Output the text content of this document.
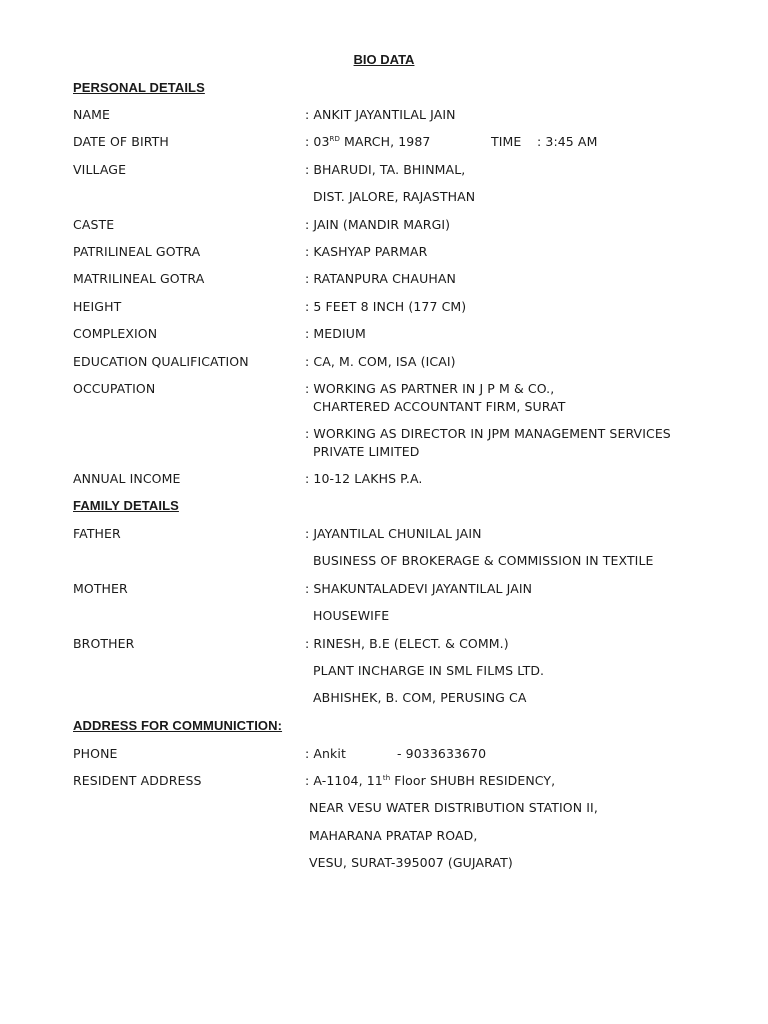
BIO DATA
PERSONAL DETAILS
NAME	: ANKIT JAYANTILAL JAIN
DATE OF BIRTH	: 03RD MARCH, 1987	TIME : 3:45 AM
VILLAGE	: BHARUDI, TA. BHINMAL,
DIST. JALORE, RAJASTHAN
CASTE	: JAIN (MANDIR MARGI)
PATRILINEAL GOTRA	: KASHYAP PARMAR
MATRILINEAL GOTRA	: RATANPURA CHAUHAN
HEIGHT	: 5 FEET 8 INCH (177 CM)
COMPLEXION	: MEDIUM
EDUCATION QUALIFICATION	: CA, M. COM, ISA (ICAI)
OCCUPATION	: WORKING AS PARTNER IN J P M & CO.,
CHARTERED ACCOUNTANT FIRM, SURAT
: WORKING AS DIRECTOR IN JPM MANAGEMENT SERVICES
PRIVATE LIMITED
ANNUAL INCOME	: 10-12 LAKHS P.A.
FAMILY DETAILS
FATHER	: JAYANTILAL CHUNILAL JAIN
BUSINESS OF BROKERAGE & COMMISSION IN TEXTILE
MOTHER	: SHAKUNTALADEVI JAYANTILAL JAIN
HOUSEWIFE
BROTHER	: RINESH, B.E (ELECT. & COMM.)
PLANT INCHARGE IN SML FILMS LTD.
ABHISHEK, B. COM, PERUSING CA
ADDRESS FOR COMMUNICTION:
PHONE	: Ankit	- 9033633670
RESIDENT ADDRESS	: A-1104, 11th Floor SHUBH RESIDENCY,
NEAR VESU WATER DISTRIBUTION STATION II,
MAHARANA PRATAP ROAD,
VESU, SURAT-395007 (GUJARAT)
